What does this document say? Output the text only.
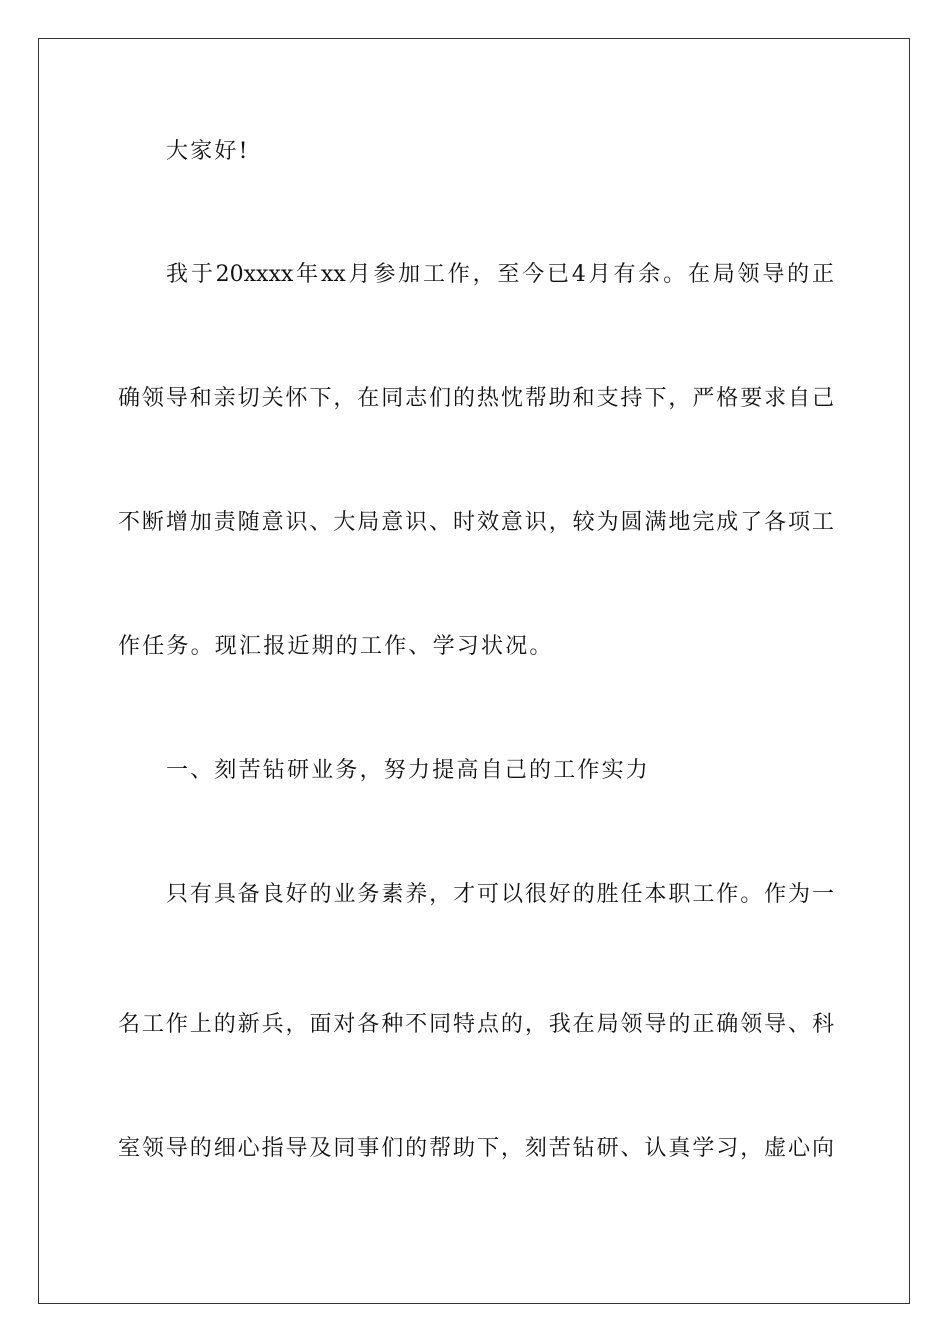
大家好!

我于20xxxx年xx月参加工作，至今已4月有余。在局领导的正

确领导和亲切关怀下，在同志们的热忱帮助和支持下，严格要求自己

不断增加责随意识、大局意识、时效意识，较为圆满地完成了各项工

作任务。现汇报近期的工作、学习状况。

一、刻苦钻研业务，努力提高自己的工作实力

只有具备良好的业务素养，才可以很好的胜任本职工作。作为一

名工作上的新兵，面对各种不同特点的，我在局领导的正确领导、科

室领导的细心指导及同事们的帮助下，刻苦钻研、认真学习，虚心向
